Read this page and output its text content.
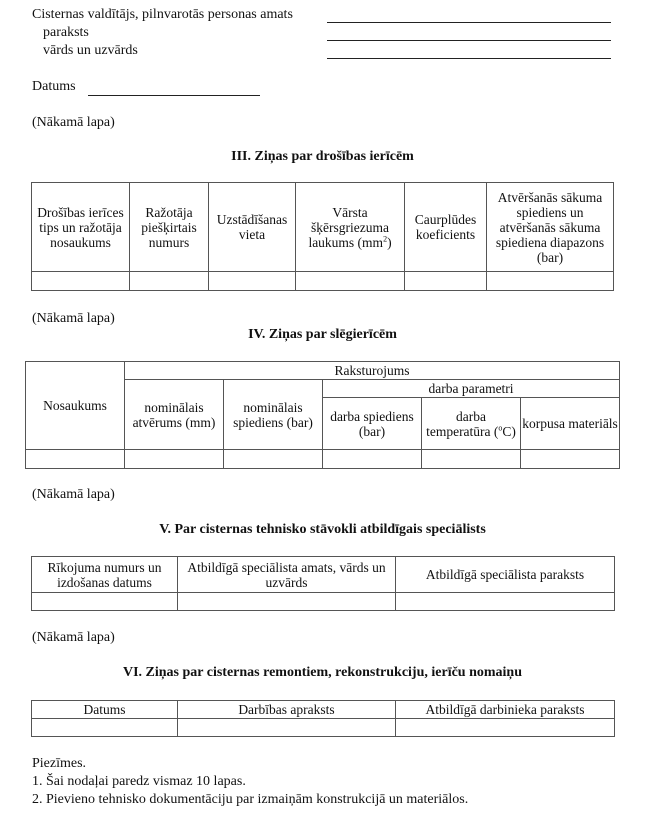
Cisternas valdītājs, pilnvarotās personas amats
paraksts
vārds un uzvārds
Datums
(Nākamā lapa)
III. Ziņas par drošības ierīcēm
Drošības ierīces tips un ražotāja nosaukums	Ražotāja piešķirtais numurs	Uzstādīšanas vieta	Vārsta šķērsgriezuma laukums $(mm^2)$	Caurplūdes koeficients	Atvēršanās sākuma spiediens un atvēršanās sākuma spiediena diapazons (bar)

(Nākamā lapa)
IV. Ziņas par slēgierīcēm
Nosaukums	Raksturojums				
	nominālais atvērums (mm)	nominālais spiediens (bar)	darba parametri		
			darba spiediens (bar)	darba temperatūra ($^o$C)	korpusa materiāls

(Nākamā lapa)
V. Par cisternas tehnisko stāvokli atbildīgais speciālists
Rīkojuma numurs un izdošanas datums	Atbildīgā speciālista amats, vārds un uzvārds	Atbildīgā speciālista paraksts

(Nākamā lapa)
VI. Ziņas par cisternas remontiem, rekonstrukciju, ierīču nomaiņu
Datums	Darbības apraksts	Atbildīgā darbinieka paraksts

Piezīmes.
1. Šai nodaļai paredz vismaz 10 lapas.
2. Pievieno tehnisko dokumentāciju par izmaiņām konstrukcijā un materiālos.
